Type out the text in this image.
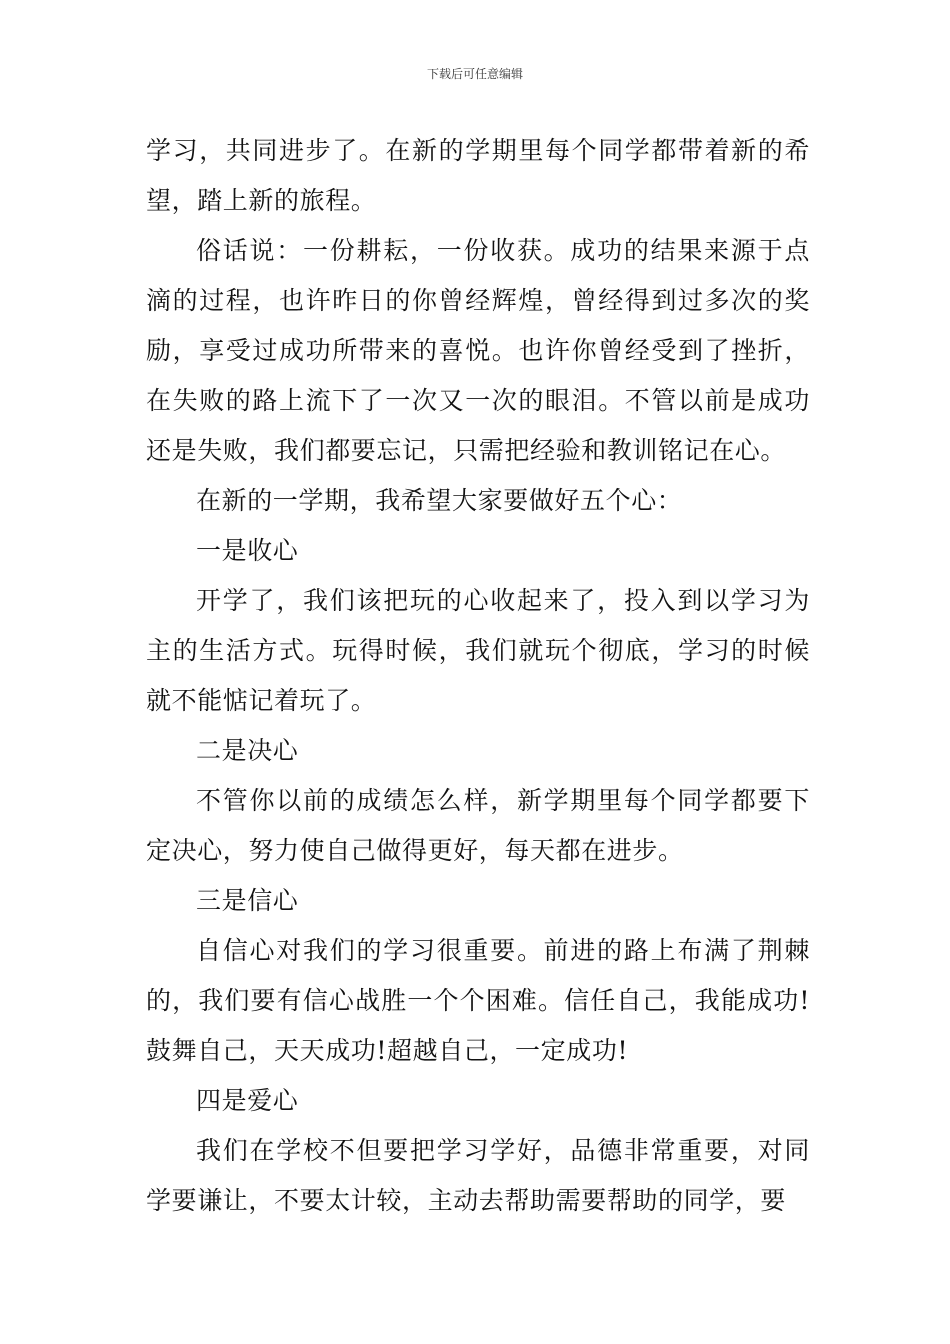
下载后可任意编辑

学习，共同进步了。在新的学期里每个同学都带着新的希望，踏上新的旅程。

俗话说：一份耕耘，一份收获。成功的结果来源于点滴的过程，也许昨日的你曾经辉煌，曾经得到过多次的奖励，享受过成功所带来的喜悦。也许你曾经受到了挫折，在失败的路上流下了一次又一次的眼泪。不管以前是成功还是失败，我们都要忘记，只需把经验和教训铭记在心。

在新的一学期，我希望大家要做好五个心：

一是收心

开学了，我们该把玩的心收起来了，投入到以学习为主的生活方式。玩得时候，我们就玩个彻底，学习的时候就不能惦记着玩了。

二是决心

不管你以前的成绩怎么样，新学期里每个同学都要下定决心，努力使自己做得更好，每天都在进步。

三是信心

自信心对我们的学习很重要。前进的路上布满了荆棘的，我们要有信心战胜一个个困难。信任自己，我能成功!鼓舞自己，天天成功!超越自己，一定成功!

四是爱心

我们在学校不但要把学习学好，品德非常重要，对同学要谦让，不要太计较，主动去帮助需要帮助的同学，要
